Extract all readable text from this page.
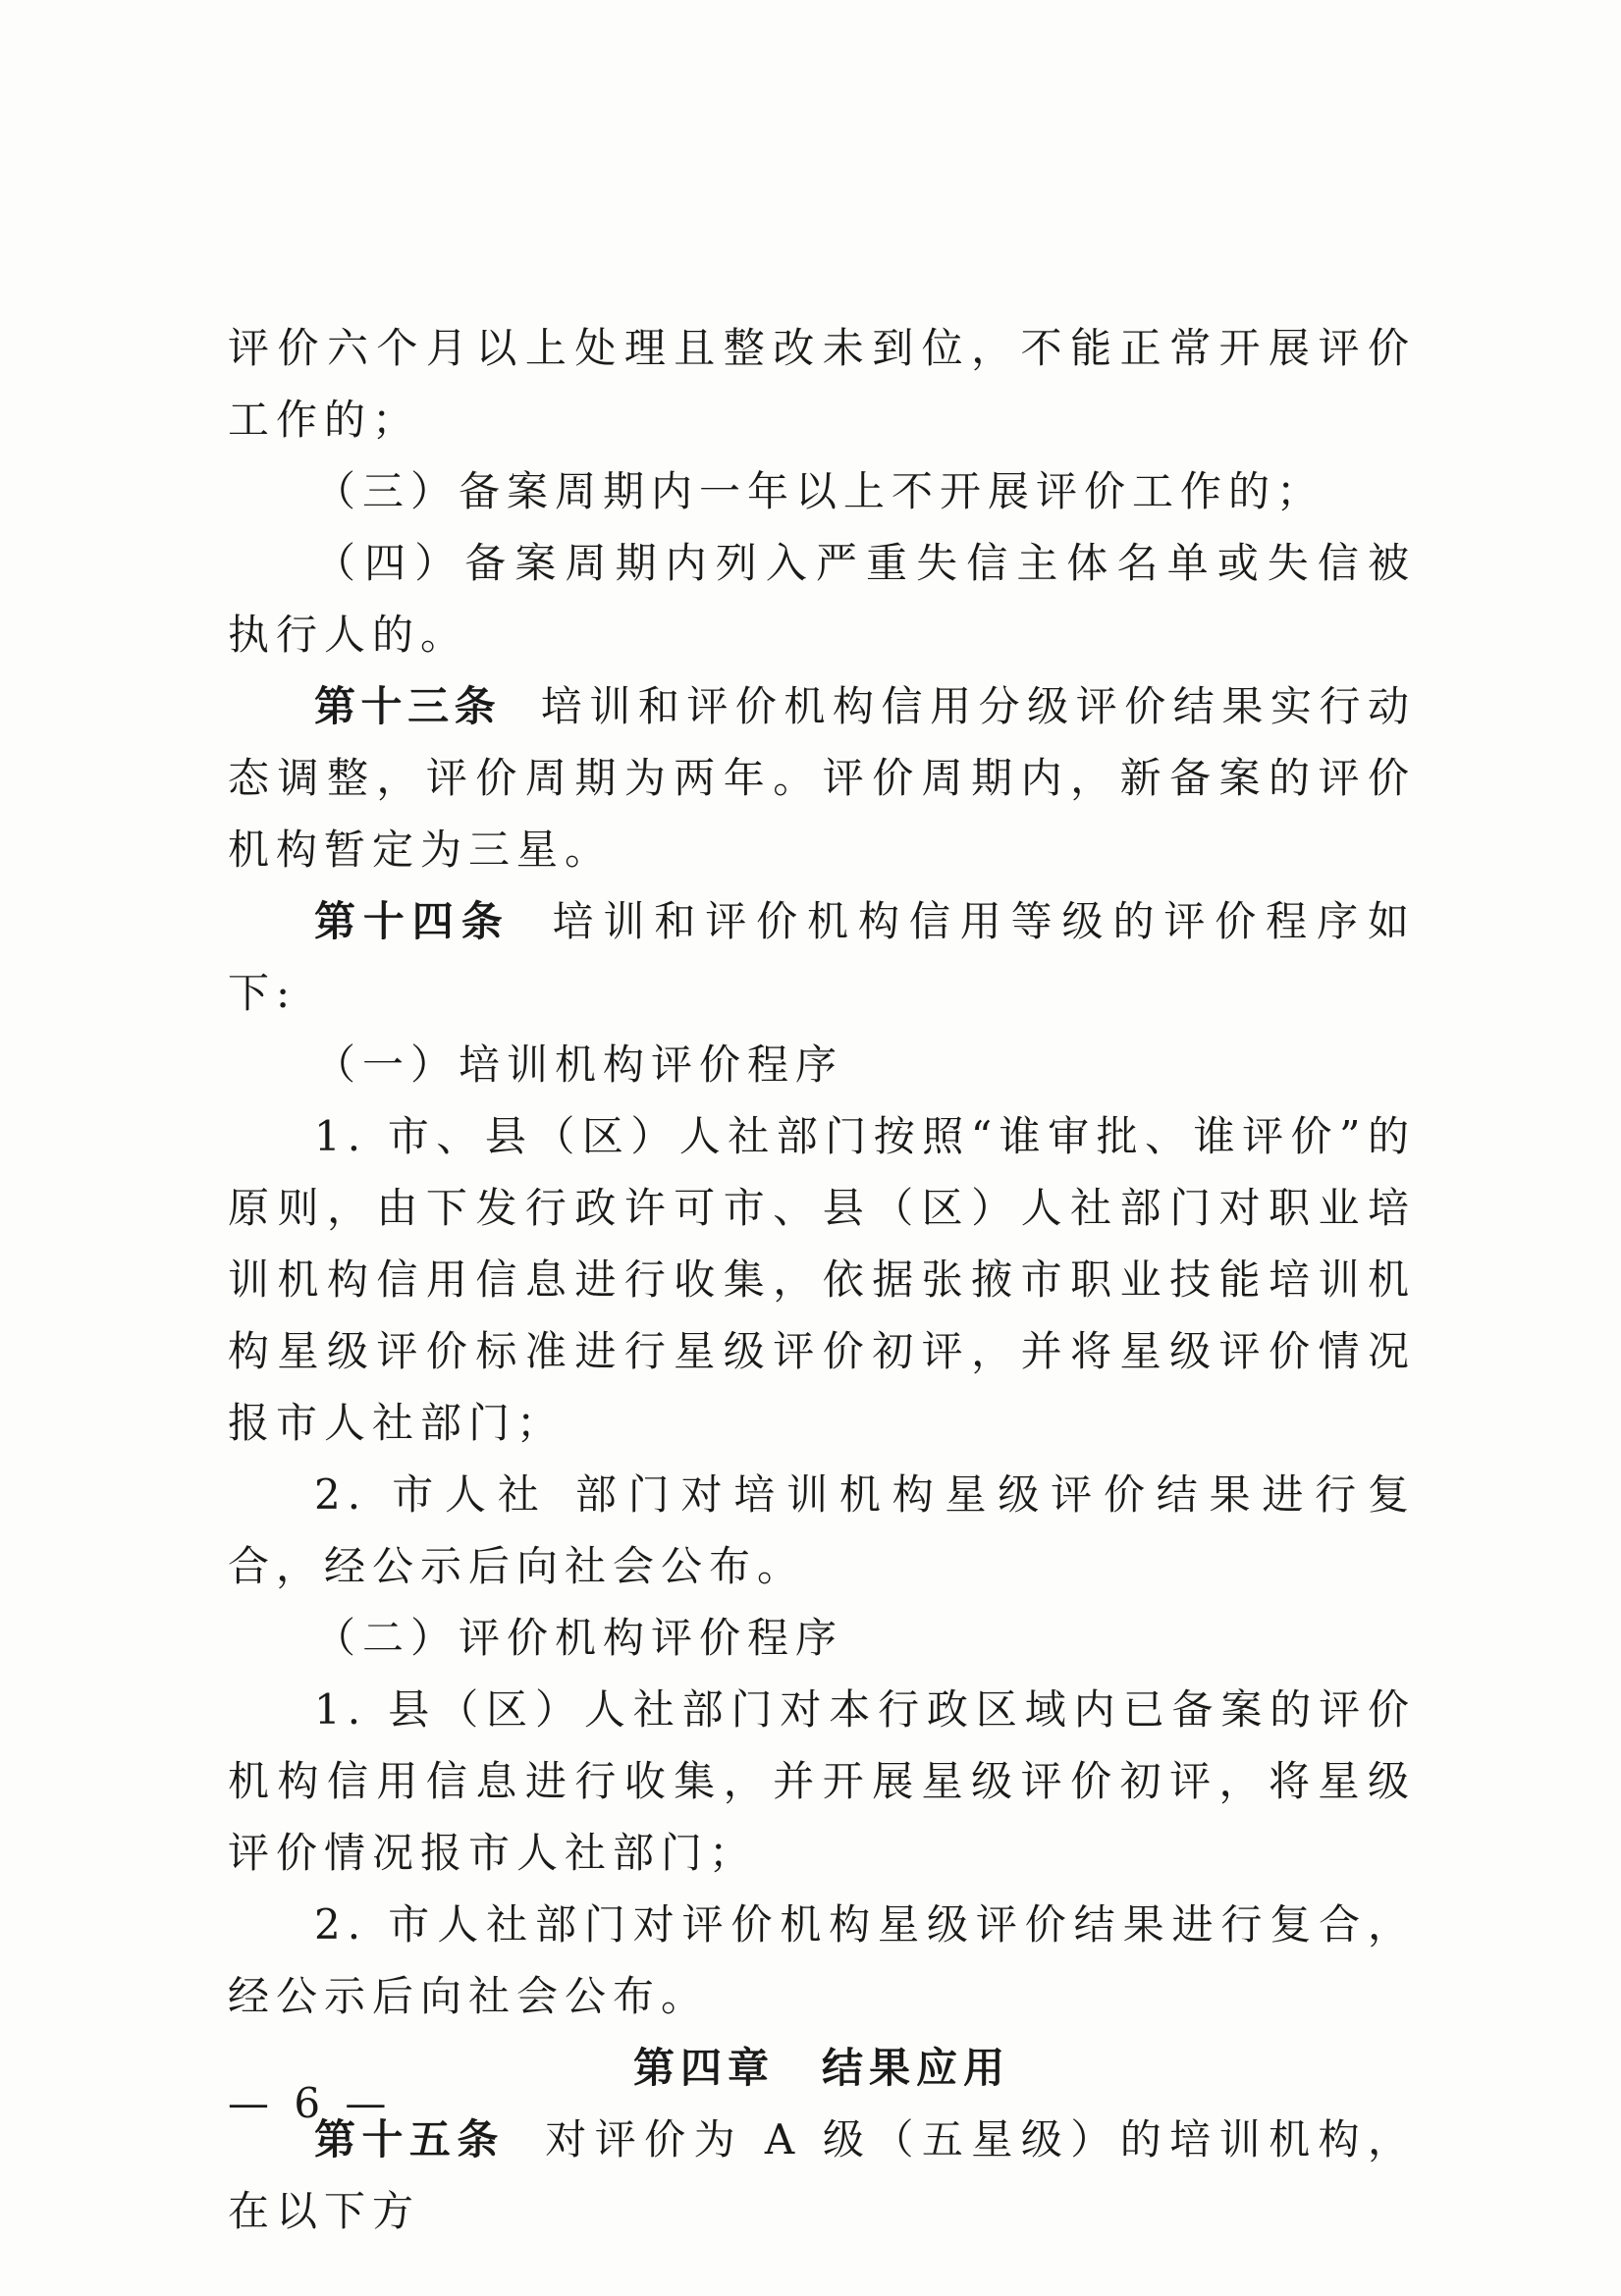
评价六个月以上处理且整改未到位，不能正常开展评价工作的；

（三）备案周期内一年以上不开展评价工作的；

（四）备案周期内列入严重失信主体名单或失信被执行人的。

第十三条 培训和评价机构信用分级评价结果实行动态调整，评价周期为两年。评价周期内，新备案的评价机构暂定为三星。

第十四条 培训和评价机构信用等级的评价程序如下:

（一）培训机构评价程序

1. 市、县（区）人社部门按照“谁审批、谁评价”的原则，由下发行政许可市、县（区）人社部门对职业培训机构信用信息进行收集，依据张掖市职业技能培训机构星级评价标准进行星级评价初评，并将星级评价情况报市人社部门；

2. 市人社 部门对培训机构星级评价结果进行复合，经公示后向社会公布。

（二）评价机构评价程序

1. 县（区）人社部门对本行政区域内已备案的评价机构信用信息进行收集，并开展星级评价初评，将星级评价情况报市人社部门；

2. 市人社部门对评价机构星级评价结果进行复合，经公示后向社会公布。

第四章　结果应用

第十五条 对评价为 A 级（五星级）的培训机构，在以下方

— 6 —
